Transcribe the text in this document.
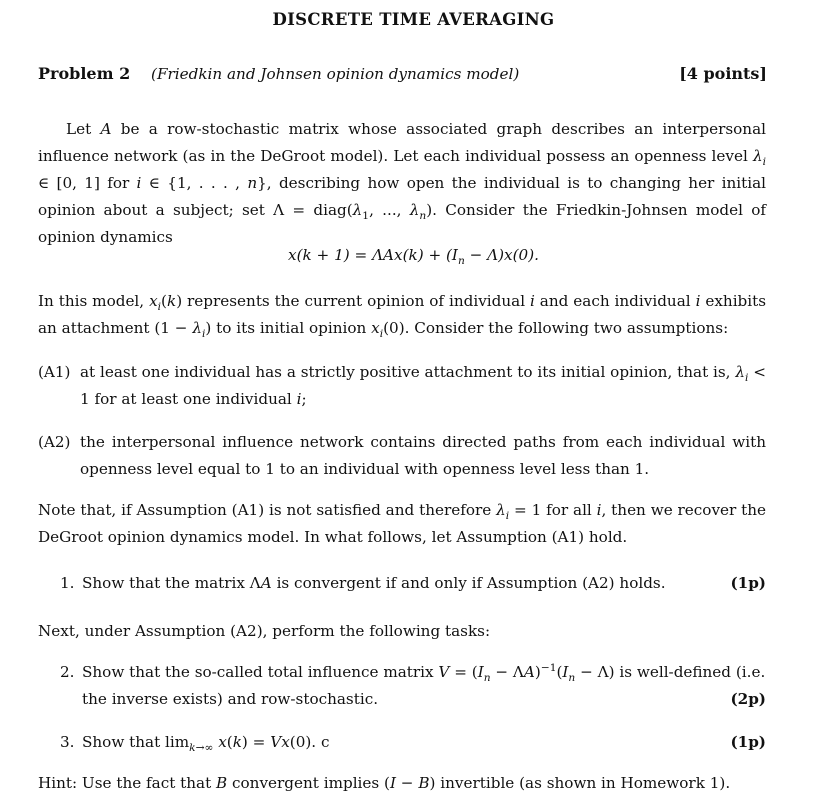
DISCRETE TIME AVERAGING
Problem 2 (Friedkin and Johnsen opinion dynamics model)	[4 points]
Let A be a row-stochastic matrix whose associated graph describes an interpersonal influence network (as in the DeGroot model). Let each individual possess an openness level $\lambda_i$ ∈ [0, 1] for i ∈ {1, . . . , n}, describing how open the individual is to changing her initial opinion about a subject; set $\Lambda = diag(\lambda_1$, ..., $\lambda_n$). Consider the Friedkin-Johnsen model of opinion dynamics
$x(k + 1) = \Lambda Ax(k) + (I_n - \Lambda)x(0)$.
In this model, $x_i(k)$ represents the current opinion of individual i and each individual i exhibits an attachment $(1 - \lambda_i)$ to its initial opinion $x_i(0)$. Consider the following two assumptions:
(A1) at least one individual has a strictly positive attachment to its initial opinion, that is, $\lambda_i < 1$ for at least one individual i;
(A2) the interpersonal influence network contains directed paths from each individual with openness level equal to 1 to an individual with openness level less than 1.
Note that, if Assumption (A1) is not satisfied and therefore $\lambda_i = 1$ for all i, then we recover the DeGroot opinion dynamics model. In what follows, let Assumption (A1) hold.
1. Show that the matrix ΛA is convergent if and only if Assumption (A2) holds.	(1p)
Next, under Assumption (A2), perform the following tasks:
2. Show that the so-called total influence matrix $V = (I_n - \Lambda A)^{-1}(I_n - \Lambda)$ is well-defined (i.e. the inverse exists) and row-stochastic.	(2p)
3. Show that $\lim_{k\to\infty} x(k) = Vx(0)$. c	(1p)
Hint: Use the fact that B convergent implies (I − B) invertible (as shown in Homework 1).
